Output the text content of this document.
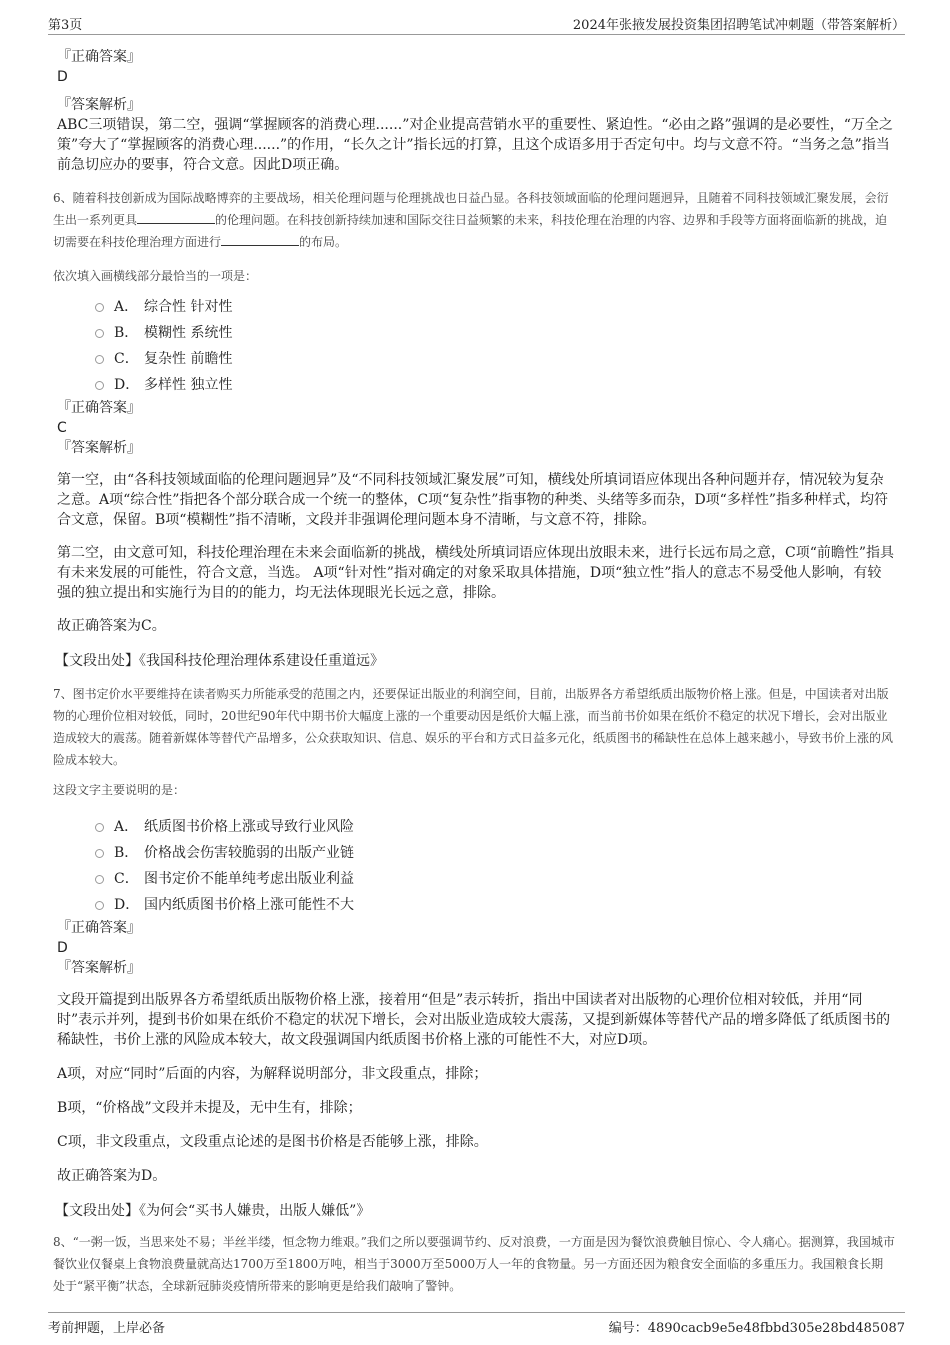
第3页	2024年张掖发展投资集团招聘笔试冲刺题（带答案解析）

『正确答案』

D

『答案解析』

ABC三项错误，第二空，强调“掌握顾客的消费心理......”对企业提高营销水平的重要性、紧迫性。“必由之路”强调的是必要性，“万全之策”夸大了“掌握顾客的消费心理......”的作用，“长久之计”指长远的打算，且这个成语多用于否定句中。均与文意不符。“当务之急”指当前急切应办的要事，符合文意。因此D项正确。

6、随着科技创新成为国际战略博弈的主要战场，相关伦理问题与伦理挑战也日益凸显。各科技领域面临的伦理问题迥异，且随着不同科技领域汇聚发展，会衍生出一系列更具	的伦理问题。在科技创新持续加速和国际交往日益频繁的未来，科技伦理在治理的内容、边界和手段等方面将面临新的挑战，迫切需要在科技伦理治理方面进行	的布局。

依次填入画横线部分最恰当的一项是：

A． 综合性 针对性
B． 模糊性 系统性
C． 复杂性 前瞻性
D． 多样性 独立性

『正确答案』

C

『答案解析』

第一空，由“各科技领域面临的伦理问题迥异”及“不同科技领域汇聚发展”可知，横线处所填词语应体现出各种问题并存，情况较为复杂之意。A项“综合性”指把各个部分联合成一个统一的整体，C项“复杂性”指事物的种类、头绪等多而杂，D项“多样性”指多种样式，均符合文意，保留。B项“模糊性”指不清晰，文段并非强调伦理问题本身不清晰，与文意不符，排除。

第二空，由文意可知，科技伦理治理在未来会面临新的挑战，横线处所填词语应体现出放眼未来，进行长远布局之意，C项“前瞻性”指具有未来发展的可能性，符合文意，当选。 A项“针对性”指对确定的对象采取具体措施，D项“独立性”指人的意志不易受他人影响，有较强的独立提出和实施行为目的的能力，均无法体现眼光长远之意，排除。

故正确答案为C。

【文段出处】《我国科技伦理治理体系建设任重道远》

7、图书定价水平要维持在读者购买力所能承受的范围之内，还要保证出版业的利润空间，目前，出版界各方希望纸质出版物价格上涨。但是，中国读者对出版物的心理价位相对较低，同时，20世纪90年代中期书价大幅度上涨的一个重要动因是纸价大幅上涨，而当前书价如果在纸价不稳定的状况下增长，会对出版业造成较大的震荡。随着新媒体等替代产品增多，公众获取知识、信息、娱乐的平台和方式日益多元化，纸质图书的稀缺性在总体上越来越小，导致书价上涨的风险成本较大。

这段文字主要说明的是：

A． 纸质图书价格上涨或导致行业风险
B． 价格战会伤害较脆弱的出版产业链
C． 图书定价不能单纯考虑出版业利益
D． 国内纸质图书价格上涨可能性不大

『正确答案』

D

『答案解析』

文段开篇提到出版界各方希望纸质出版物价格上涨，接着用“但是”表示转折，指出中国读者对出版物的心理价位相对较低，并用“同时”表示并列，提到书价如果在纸价不稳定的状况下增长，会对出版业造成较大震荡，又提到新媒体等替代产品的增多降低了纸质图书的稀缺性，书价上涨的风险成本较大，故文段强调国内纸质图书价格上涨的可能性不大，对应D项。

A项，对应“同时”后面的内容，为解释说明部分，非文段重点，排除；

B项，“价格战”文段并未提及，无中生有，排除；

C项，非文段重点，文段重点论述的是图书价格是否能够上涨，排除。

故正确答案为D。

【文段出处】《为何会“买书人嫌贵，出版人嫌低”》

8、“一粥一饭，当思来处不易；半丝半缕，恒念物力维艰。”我们之所以要强调节约、反对浪费，一方面是因为餐饮浪费触目惊心、令人痛心。据测算，我国城市餐饮业仅餐桌上食物浪费量就高达1700万至1800万吨，相当于3000万至5000万人一年的食物量。另一方面还因为粮食安全面临的多重压力。我国粮食长期处于“紧平衡”状态，全球新冠肺炎疫情所带来的影响更是给我们敲响了警钟。

考前押题，上岸必备	编号：4890cacb9e5e48fbbd305e28bd485087
